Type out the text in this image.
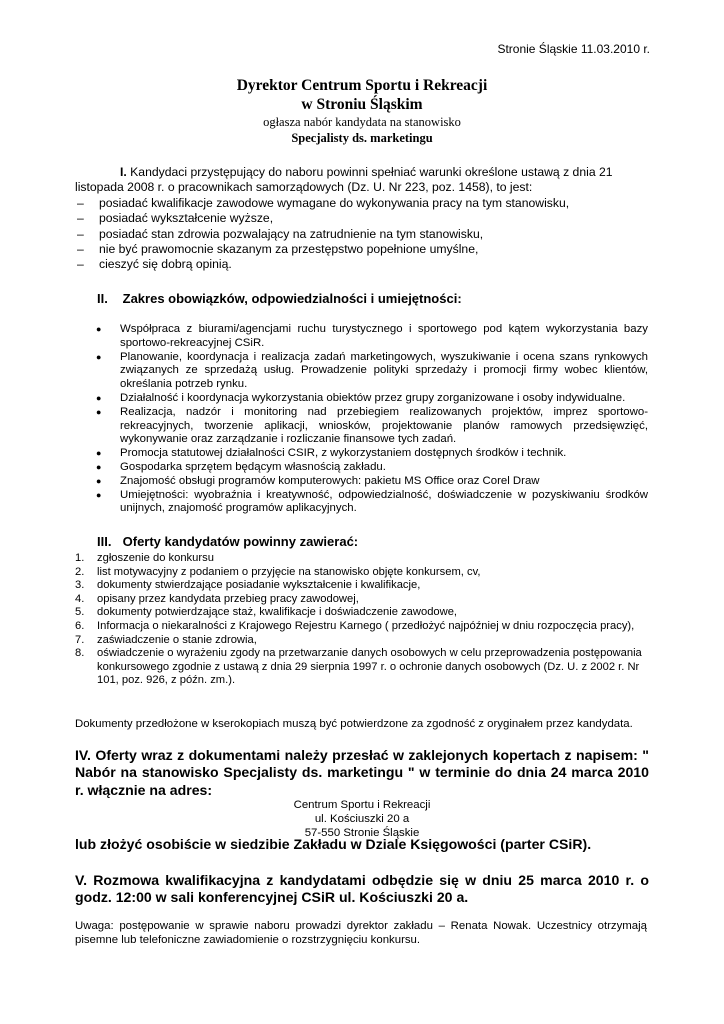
Stronie Śląskie 11.03.2010 r.
Dyrektor Centrum Sportu i Rekreacji
w Stroniu Śląskim
ogłasza nabór kandydata na stanowisko
Specjalisty ds. marketingu

I. Kandydaci przystępujący do naboru powinni spełniać warunki określone ustawą z dnia 21 listopada 2008 r. o pracownikach samorządowych (Dz. U. Nr 223, poz. 1458), to jest:

– posiadać kwalifikacje zawodowe wymagane do wykonywania pracy na tym stanowisku,
– posiadać wykształcenie wyższe,
– posiadać stan zdrowia pozwalający na zatrudnienie na tym stanowisku,
– nie być prawomocnie skazanym za przestępstwo popełnione umyślne,
– cieszyć się dobrą opinią.
II. Zakres obowiązków, odpowiedzialności i umiejętności:
● Współpraca z biurami/agencjami ruchu turystycznego i sportowego pod kątem wykorzystania bazy sportowo-rekreacyjnej CSiR.
● Planowanie, koordynacja i realizacja zadań marketingowych, wyszukiwanie i ocena szans rynkowych związanych ze sprzedażą usług. Prowadzenie polityki sprzedaży i promocji firmy wobec klientów, określania potrzeb rynku.
● Działalność i koordynacja wykorzystania obiektów przez grupy zorganizowane i osoby indywidualne.
● Realizacja, nadzór i monitoring nad przebiegiem realizowanych projektów, imprez sportowo-rekreacyjnych, tworzenie aplikacji, wniosków, projektowanie planów ramowych przedsięwzięć, wykonywanie oraz zarządzanie i rozliczanie finansowe tych zadań.
● Promocja statutowej działalności CSIR, z wykorzystaniem dostępnych środków i technik.
● Gospodarka sprzętem będącym własnością zakładu.
● Znajomość obsługi programów komputerowych: pakietu MS Office oraz Corel Draw
● Umiejętności: wyobraźnia i kreatywność, odpowiedzialność, doświadczenie w pozyskiwaniu środków unijnych, znajomość programów aplikacyjnych.
III. Oferty kandydatów powinny zawierać:
1. zgłoszenie do konkursu
2. list motywacyjny z podaniem o przyjęcie na stanowisko objęte konkursem, cv,
3. dokumenty stwierdzające posiadanie wykształcenie i kwalifikacje,
4. opisany przez kandydata przebieg pracy zawodowej,
5. dokumenty potwierdzające staż, kwalifikacje i doświadczenie zawodowe,
6. Informacja o niekaralności z Krajowego Rejestru Karnego ( przedłożyć najpóźniej w dniu rozpoczęcia pracy),
7. zaświadczenie o stanie zdrowia,
8. oświadczenie o wyrażeniu zgody na przetwarzanie danych osobowych w celu przeprowadzenia postępowania konkursowego zgodnie z ustawą z dnia 29 sierpnia 1997 r. o ochronie danych osobowych (Dz. U. z 2002 r. Nr 101, poz. 926, z późn. zm.).
Dokumenty przedłożone w kserokopiach muszą być potwierdzone za zgodność z oryginałem przez kandydata.
IV. Oferty wraz z dokumentami należy przesłać w zaklejonych kopertach z napisem: " Nabór na stanowisko Specjalisty ds. marketingu " w terminie do dnia 24 marca 2010 r. włącznie na adres:
Centrum Sportu i Rekreacji
ul. Kościuszki 20 a
57-550 Stronie Śląskie
lub złożyć osobiście w siedzibie Zakładu w Dziale Księgowości (parter CSiR).
V. Rozmowa kwalifikacyjna z kandydatami odbędzie się w dniu 25 marca 2010 r. o godz. 12:00 w sali konferencyjnej CSiR ul. Kościuszki 20 a.
Uwaga: postępowanie w sprawie naboru prowadzi dyrektor zakładu – Renata Nowak. Uczestnicy otrzymają pisemne lub telefoniczne zawiadomienie o rozstrzygnięciu konkursu.
